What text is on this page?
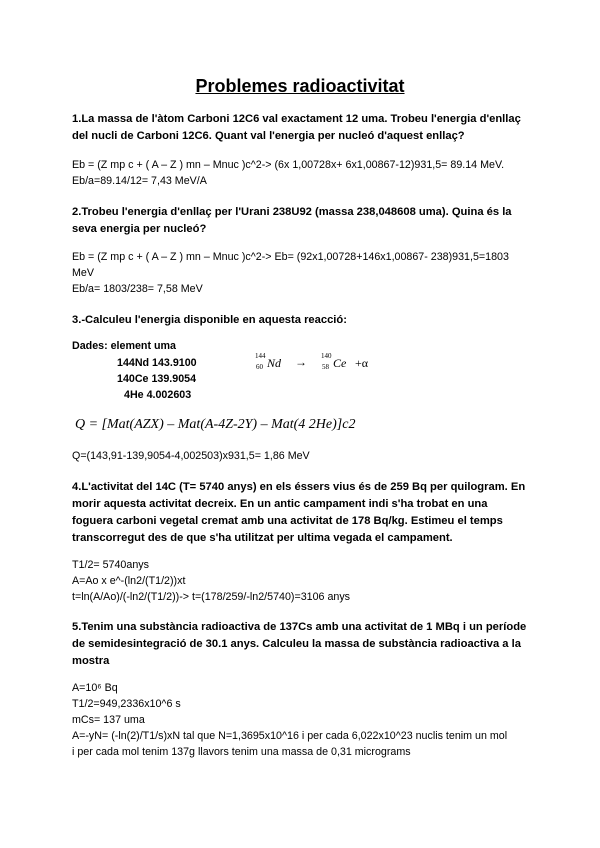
Problemes radioactivitat
1.La massa de l'àtom Carboni 12C6 val exactament 12 uma. Trobeu l'energia d'enllaç
del nucli de Carboni 12C6. Quant val l'energia per nucleó d'aquest enllaç?
Eb = (Z mp c + ( A – Z ) mn – Mnuc )c^2-> (6x 1,00728x+ 6x1,00867-12)931,5= 89.14 MeV.
Eb/a=89.14/12= 7,43 MeV/A
2.Trobeu l'energia d'enllaç per l'Urani 238U92 (massa 238,048608 uma). Quina és la
seva energia per nucleó?
Eb = (Z mp c + ( A – Z ) mn – Mnuc )c^2-> Eb= (92x1,00728+146x1,00867- 238)931,5=1803
MeV
Eb/a= 1803/238= 7,58 MeV
3.-Calculeu l'energia disponible en aquesta reacció:
Dades: element uma
144Nd 143.9100
140Ce 139.9054
4He 4.002603
144
60 Nd → 140
58 Ce +α
Q = [Mat(AZX) – Mat(A-4Z-2Y) – Mat(4 2He)]c2
Q=(143,91-139,9054-4,002503)x931,5= 1,86 MeV
4.L'activitat del 14C (T= 5740 anys) en els éssers vius és de 259 Bq per quilogram. En
morir aquesta activitat decreix. En un antic campament indi s'ha trobat en una
foguera carboni vegetal cremat amb una activitat de 178 Bq/kg. Estimeu el temps
transcorregut des de que s'ha utilitzat per ultima vegada el campament.
T1/2= 5740anys
A=Ao x e^-(ln2/(T1/2))xt
t=ln(A/Ao)/(-ln2/(T1/2))-> t=(178/259/-ln2/5740)=3106 anys
5.Tenim una substància radioactiva de 137Cs amb una activitat de 1 MBq i un període
de semidesintegració de 30.1 anys. Calculeu la massa de substància radioactiva a la
mostra
A=10⁶ Bq
T1/2=949,2336x10^6 s
mCs= 137 uma
A=-yN= (-ln(2)/T1/s)xN tal que N=1,3695x10^16 i per cada 6,022x10^23 nuclis tenim un mol
i per cada mol tenim 137g llavors tenim una massa de 0,31 micrograms
